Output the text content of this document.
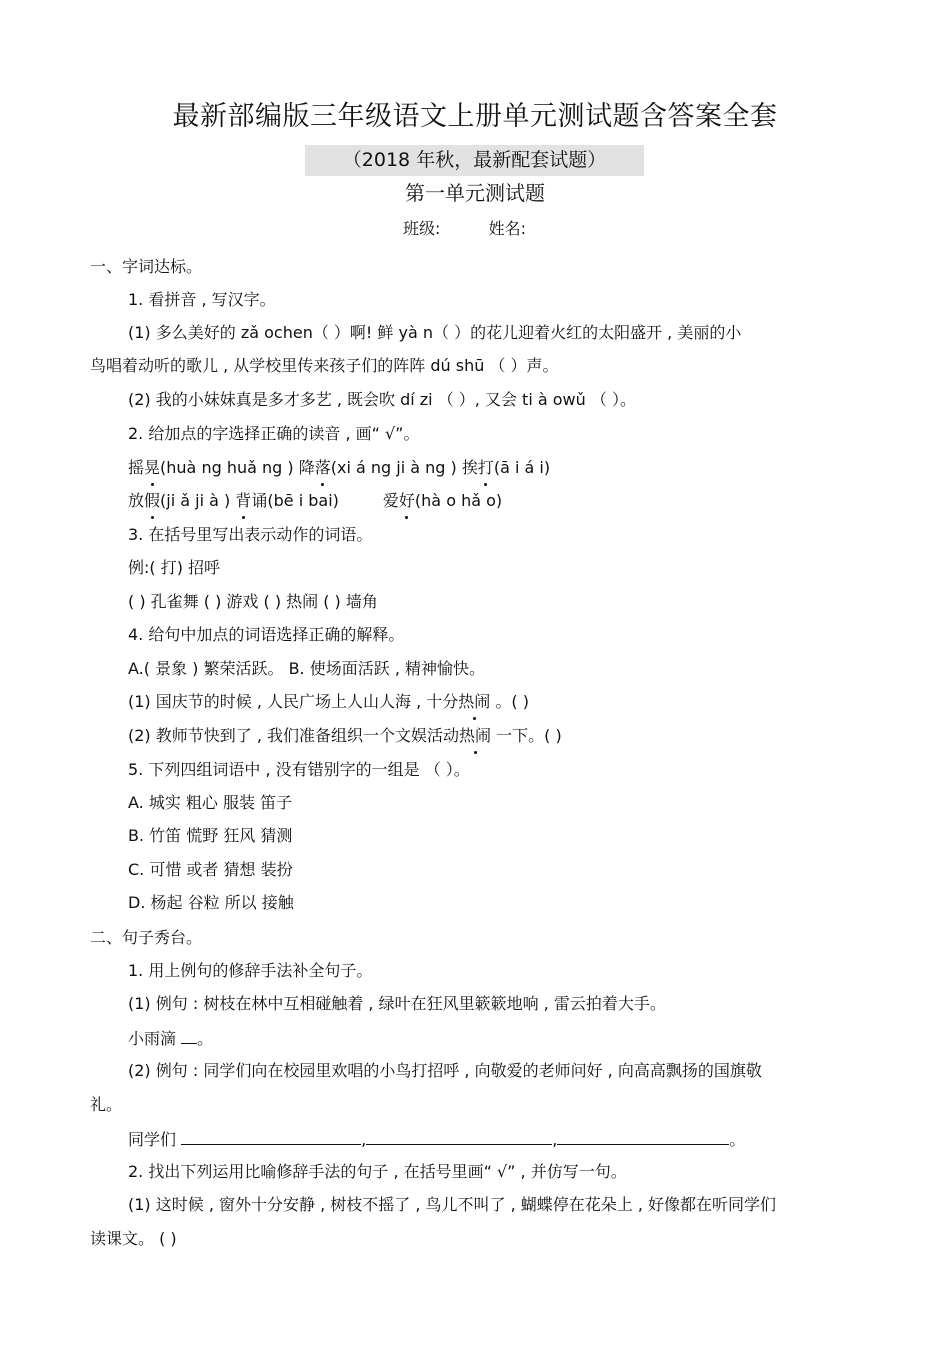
最新部编版三年级语文上册单元测试题含答案全套
（2018 年秋，最新配套试题）
第一单元测试题
班级:	姓名:
一、字词达标。
1. 看拼音 , 写汉字。
(1) 多么美好的 zǎ ochen（ ）啊! 鲜 yà n（ ）的花儿迎着火红的太阳盛开 , 美丽的小
鸟唱着动听的歌儿 , 从学校里传来孩子们的阵阵 dú shū （ ）声。
(2) 我的小妹妹真是多才多艺 , 既会吹 dí zi （ ）, 又会 ti à owǔ （ ）。
2. 给加点的字选择正确的读音 , 画“ √”。
摇晃(huà ng huǎ ng ) 降落(xi á ng ji à ng ) 挨打(ā i á i)
放假(ji ǎ ji à ) 背诵(bē i bai)	爱好(hà o hǎ o)
3. 在括号里写出表示动作的词语。
例:( 打) 招呼
( ) 孔雀舞 ( ) 游戏 ( ) 热闹 ( ) 墙角
4. 给句中加点的词语选择正确的解释。
A.( 景象 ) 繁荣活跃。 B. 使场面活跃 , 精神愉快。
(1) 国庆节的时候 , 人民广场上人山人海 , 十分热闹 。( )
(2) 教师节快到了 , 我们准备组织一个文娱活动热闹 一下。( )
5. 下列四组词语中 , 没有错别字的一组是 （ ）。
A. 城实 粗心 服装 笛子
B. 竹笛 慌野 狂风 猜测
C. 可惜 或者 猜想 装扮
D. 杨起 谷粒 所以 接触
二、句子秀台。
1. 用上例句的修辞手法补全句子。
(1) 例句 : 树枝在林中互相碰触着 , 绿叶在狂风里簌簌地响 , 雷云拍着大手。
小雨滴 。
(2) 例句 : 同学们向在校园里欢唱的小鸟打招呼 , 向敬爱的老师问好 , 向高高飘扬的国旗敬
礼。
同学们	,	,	。
2. 找出下列运用比喻修辞手法的句子 , 在括号里画“ √” , 并仿写一句。
(1) 这时候 , 窗外十分安静 , 树枝不摇了 , 鸟儿不叫了 , 蝴蝶停在花朵上 , 好像都在听同学们
读课文。 ( )
